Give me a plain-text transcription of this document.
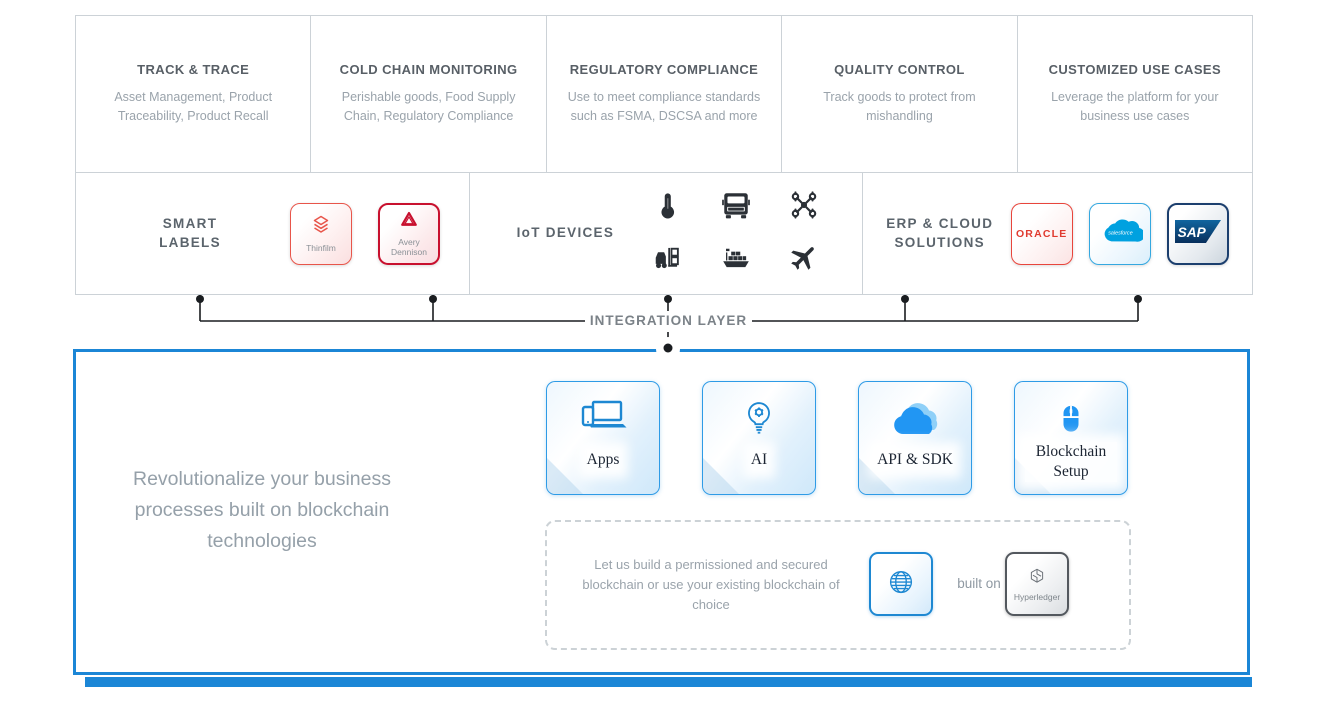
TRACK & TRACE
Asset Management, Product Traceability, Product Recall
COLD CHAIN MONITORING
Perishable goods, Food Supply Chain, Regulatory Compliance
REGULATORY COMPLIANCE
Use to meet compliance standards such as FSMA, DSCSA and more
QUALITY CONTROL
Track goods to protect from mishandling
CUSTOMIZED USE CASES
Leverage the platform for your business use cases
SMART LABELS	Thinfilm
Avery Dennison
IoT DEVICES
ERP & CLOUD SOLUTIONS
ORACLE	salesforce	SAP
INTEGRATION LAYER
Revolutionalize your business processes built on blockchain technologies
Apps	AI	API & SDK	Blockchain Setup
Let us build a permissioned and secured blockchain or use your existing blockchain of choice
built on
Hyperledger
